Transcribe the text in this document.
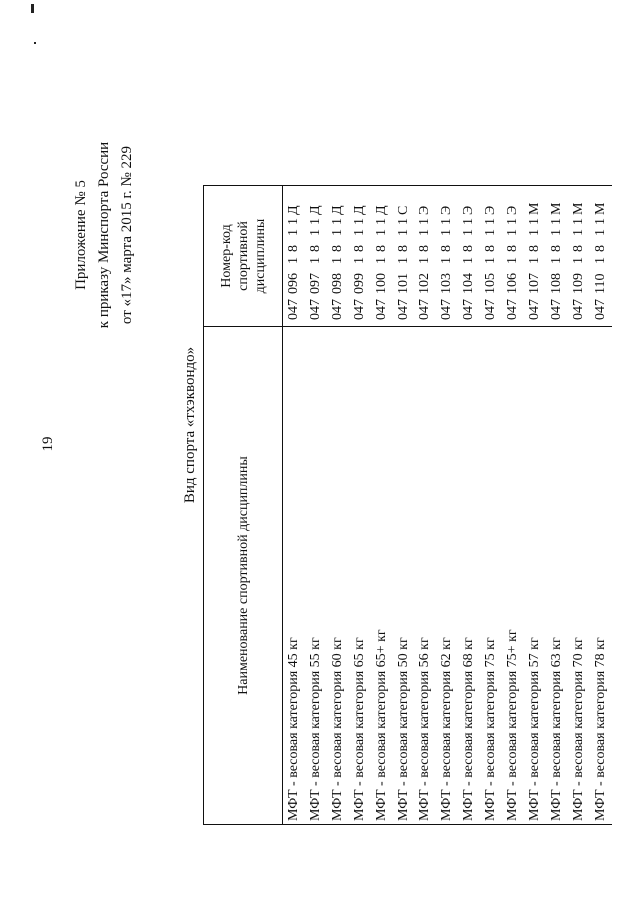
19
Приложение № 5 к приказу Минспорта России от «17» марта 2015 г. № 229
Вид спорта «тхэквондо»
Наименование спортивной дисциплины	Номер-код спортивной дисциплины
МФТ - весовая категория 45 кг	0470961811Д
МФТ - весовая категория 55 кг	0470971811Д
МФТ - весовая категория 60 кг	0470981811Д
МФТ - весовая категория 65 кг	0470991811Д
МФТ - весовая категория 65+ кг	0471001811Д
МФТ - весовая категория 50 кг	0471011811С
МФТ - весовая категория 56 кг	0471021811Э
МФТ - весовая категория 62 кг	0471031811Э
МФТ - весовая категория 68 кг	0471041811Э
МФТ - весовая категория 75 кг	0471051811Э
МФТ - весовая категория 75+ кг	0471061811Э
МФТ - весовая категория 57 кг	0471071811М
МФТ - весовая категория 63 кг	0471081811М
МФТ - весовая категория 70 кг	0471091811М
МФТ - весовая категория 78 кг	0471101811М
